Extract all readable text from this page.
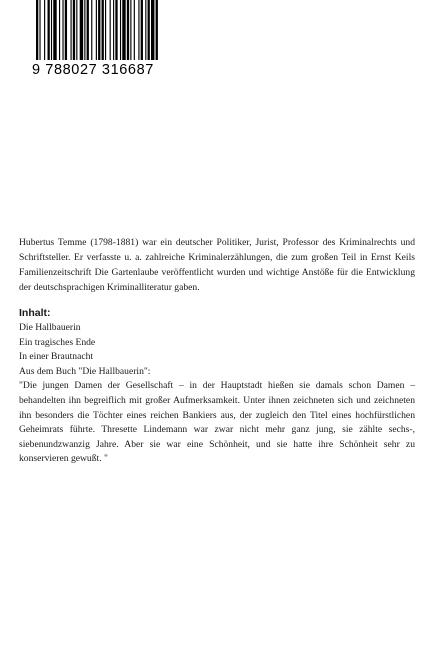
9 788027 316687

Hubertus Temme (1798-1881) war ein deutscher Politiker, Jurist, Professor des Kriminalrechts und Schriftsteller. Er verfasste u. a. zahlreiche Kriminalerzählungen, die zum großen Teil in Ernst Keils Familienzeitschrift Die Gartenlaube veröffentlicht wurden und wichtige Anstöße für die Entwicklung der deutschsprachigen Kriminalliteratur gaben.

Inhalt:
Die Hallbauerin
Ein tragisches Ende
In einer Brautnacht

Aus dem Buch "Die Hallbauerin":

"Die jungen Damen der Gesellschaft – in der Hauptstadt hießen sie damals schon Damen – behandelten ihn begreiflich mit großer Aufmerksamkeit. Unter ihnen zeichneten sich und zeichneten ihn besonders die Töchter eines reichen Bankiers aus, der zugleich den Titel eines hochfürstlichen Geheimrats führte. Thresette Lindemann war zwar nicht mehr ganz jung, sie zählte sechs-, siebenundzwanzig Jahre. Aber sie war eine Schönheit, und sie hatte ihre Schönheit sehr zu konservieren gewußt. "
